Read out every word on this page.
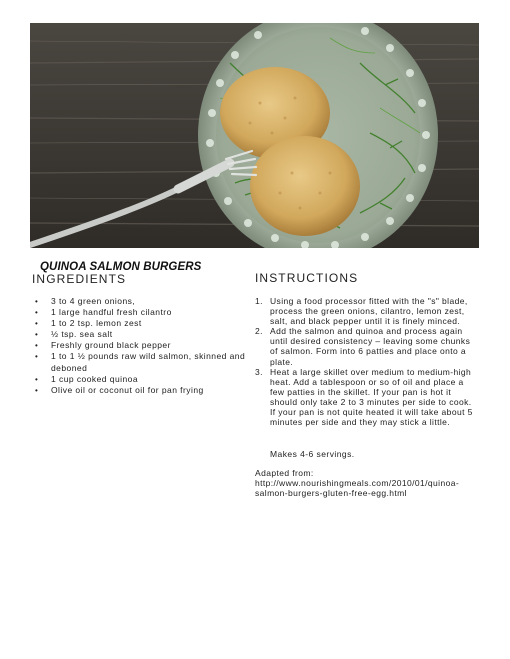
QUINOA SALMON BURGERS
INGREDIENTS	INSTRUCTIONS
• 3 to 4 green onions,
• 1 large handful fresh cilantro
• 1 to 2 tsp. lemon zest
• ½ tsp. sea salt
• Freshly ground black pepper
• 1 to 1 ½ pounds raw wild salmon, skinned and deboned
• 1 cup cooked quinoa
• Olive oil or coconut oil for pan frying
1. Using a food processor fitted with the "s" blade, process the green onions, cilantro, lemon zest, salt, and black pepper until it is finely minced.
2. Add the salmon and quinoa and process again until desired consistency – leaving some chunks of salmon. Form into 6 patties and place onto a plate.
3. Heat a large skillet over medium to medium-high heat. Add a tablespoon or so of oil and place a few patties in the skillet. If your pan is hot it should only take 2 to 3 minutes per side to cook. If your pan is not quite heated it will take about 5 minutes per side and they may stick a little.
Makes 4-6 servings.
Adapted from:
http://www.nourishingmeals.com/2010/01/quinoa-
salmon-burgers-gluten-free-egg.html
